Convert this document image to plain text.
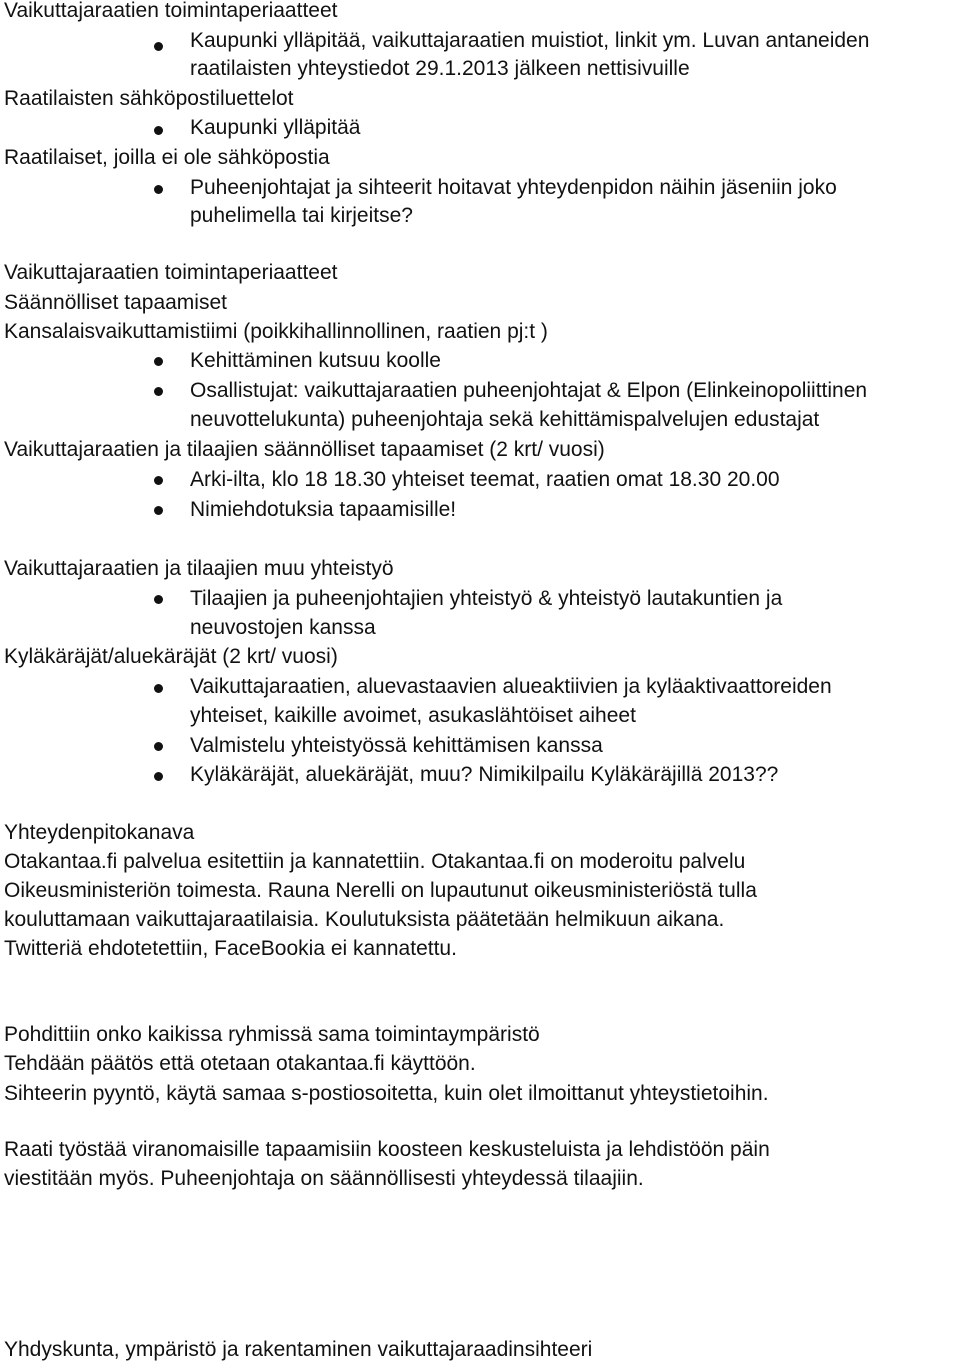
Vaikuttajaraatien toimintaperiaatteet
Kaupunki ylläpitää, vaikuttajaraatien muistiot, linkit ym. Luvan antaneiden
raatilaisten yhteystiedot 29.1.2013 jälkeen nettisivuille
Raatilaisten sähköpostiluettelot
Kaupunki ylläpitää
Raatilaiset, joilla ei ole sähköpostia
Puheenjohtajat ja sihteerit hoitavat yhteydenpidon näihin jäseniin joko
puhelimella tai kirjeitse?
Vaikuttajaraatien toimintaperiaatteet
Säännölliset tapaamiset
Kansalaisvaikuttamistiimi (poikkihallinnollinen, raatien pj:t )
Kehittäminen kutsuu koolle
Osallistujat: vaikuttajaraatien puheenjohtajat & Elpon (Elinkeinopoliittinen
neuvottelukunta) puheenjohtaja sekä kehittämispalvelujen edustajat
Vaikuttajaraatien ja tilaajien säännölliset tapaamiset (2 krt/ vuosi)
Arki-ilta, klo 18 18.30 yhteiset teemat, raatien omat 18.30 20.00
Nimiehdotuksia tapaamisille!
Vaikuttajaraatien ja tilaajien muu yhteistyö
Tilaajien ja puheenjohtajien yhteistyö & yhteistyö lautakuntien ja
neuvostojen kanssa
Kyläkäräjät/aluekäräjät (2 krt/ vuosi)
Vaikuttajaraatien, aluevastaavien alueaktiivien ja kyläaktivaattoreiden
yhteiset, kaikille avoimet, asukaslähtöiset aiheet
Valmistelu yhteistyössä kehittämisen kanssa
Kyläkäräjät, aluekäräjät, muu? Nimikilpailu Kyläkäräjillä 2013??
Yhteydenpitokanava
Otakantaa.fi palvelua esitettiin ja kannatettiin. Otakantaa.fi on moderoitu palvelu
Oikeusministeriön toimesta. Rauna Nerelli on lupautunut oikeusministeriöstä tulla
kouluttamaan vaikuttajaraatilaisia. Koulutuksista päätetään helmikuun aikana.
Twitteriä ehdotetettiin, FaceBookia ei kannatettu.
Pohdittiin onko kaikissa ryhmissä sama toimintaympäristö
Tehdään päätös että otetaan otakantaa.fi käyttöön.
Sihteerin pyyntö, käytä samaa s-postiosoitetta, kuin olet ilmoittanut yhteystietoihin.
Raati työstää viranomaisille tapaamisiin koosteen keskusteluista ja lehdistöön päin
viestitään myös. Puheenjohtaja on säännöllisesti yhteydessä tilaajiin.
Yhdyskunta, ympäristö ja rakentaminen vaikuttajaraadinsihteeri
